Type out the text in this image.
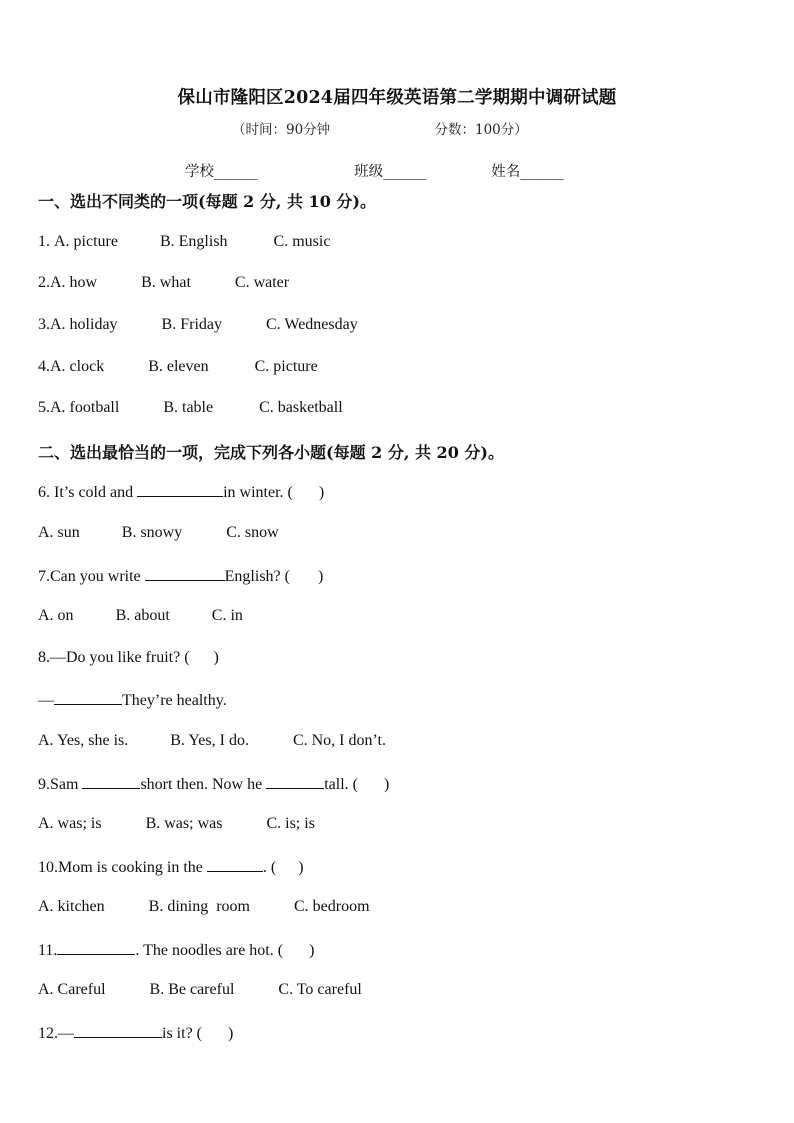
保山市隆阳区2024届四年级英语第二学期期中调研试题
（时间：90分钟	分数：100分）
学校______	班级______	姓名______
一、选出不同类的一项(每题 2 分, 共 10 分)。
1. A. picture	B. English	C. music
2.A. how	B. what	C. water
3.A. holiday	B. Friday	C. Wednesday
4.A. clock	B. eleven	C. picture
5.A. football	B. table	C. basketball
二、选出最恰当的一项，完成下列各小题(每题 2 分, 共 20 分)。
6. It’s cold and	in winter. ( )
A. sun	B. snowy	C. snow
7.Can you write	English? ( )
A. on	B. about	C. in
8.—Do you like fruit? ( )
—	They’re healthy.
A. Yes, she is.	B. Yes, I do.	C. No, I don’t.
9.Sam	short then. Now he	tall. ( )
A. was; is	B. was; was	C. is; is
10.Mom is cooking in the	. ( )
A. kitchen	B. dining  room	C. bedroom
11.	. The noodles are hot. ( )
A. Careful	B. Be careful	C. To careful
12.—	is it? ( )
